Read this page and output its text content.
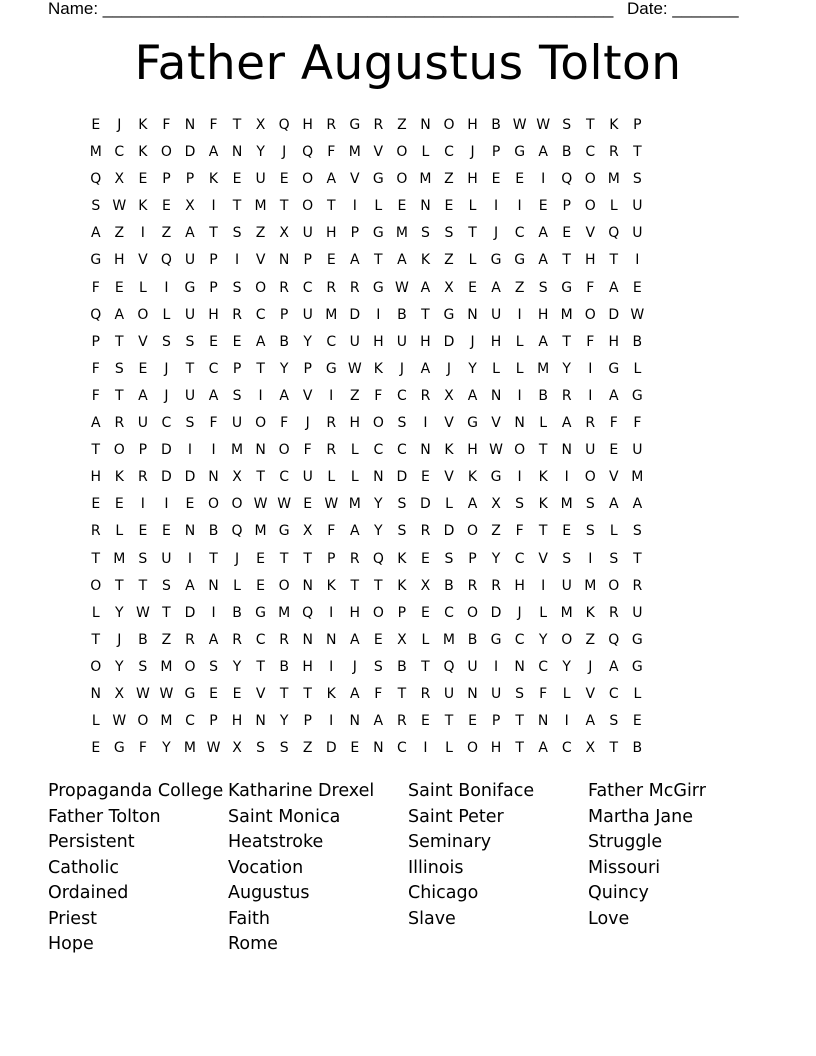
Name: ______________________________________________________ Date: _______
Father Augustus Tolton
E	J	K	F	N	F	T	X Q H R G R Z N O H B W W S	T	K	P
M C	K O D A N	Y	J	Q	F M V O	L	C	J	P G A B C R	T
Q X	E	P	P	K	E U	E O A V G O M Z H E	E	I	Q O M S
S W K	E	X	I	T M T O T	I	L	E N E	L	I	I	E	P O	L	U
A Z	I	Z A	T	S	Z X U H	P G M S	S	T	J	C A	E	V Q U
G H V Q U	P	I	V N	P	E	A	T	A	K	Z	L	G G A	T	H	T	I
F	E	L	I	G P	S O R C R R G W A X	E	A Z	S G	F	A	E
Q A O	L	U H R C	P	U M D	I	B	T G N U	I	H M O D W
P	T	V	S	S	E	E	A B	Y	C U H U H D	J	H	L	A	T	F	H B
F	S	E	J	T	C	P	T	Y	P G W K	J	A	J	Y	L	L M Y	I	G	L
F	T	A	J	U A	S	I	A V	I	Z	F	C R X A N	I	B R	I	A G
A R U C	S	F	U O	F	J	R H O S	I	V G V N	L	A R	F	F
T O P D	I	I	M N O	F	R	L	C C N K H W O T	N U	E U
H K	R D D N X	T	C U	L	L	N D E	V	K G	I	K	I	O V M
E	E	I	I	E O O W W E W M Y	S D	L	A X	S	K M S	A A
R	L	E	E N B Q M G X	F	A	Y	S	R D O Z	F	T	E	S	L	S
T M S U	I	T	J	E	T	T	P	R Q K	E	S	P	Y	C V	S	I	S	T
O T	T	S	A N	L	E O N K	T	T	K	X B R R H	I	U M O R
L	Y W T D	I	B G M Q	I	H O P	E	C O D	J	L M K	R U
T	J	B Z R A R C R N N A	E	X	L M B G C	Y O Z Q G
O Y	S M O S	Y	T	B H	I	J	S	B	T Q U	I	N C	Y	J	A G
N X W W G E	E	V	T	T	K	A	F	T	R U N U S	F	L	V C	L
L W O M C	P	H N	Y	P	I	N A R	E	T	E	P	T	N	I	A	S	E
E G	F	Y M W X	S	S	Z D E N C	I	L	O H	T	A C X	T	B
Propaganda College
Father Tolton
Persistent
Catholic
Ordained
Priest
Hope
Katharine Drexel
Saint Monica
Heatstroke
Vocation
Augustus
Faith
Rome
Saint Boniface
Saint Peter
Seminary
Illinois
Chicago
Slave
Father McGirr
Martha Jane
Struggle
Missouri
Quincy
Love
